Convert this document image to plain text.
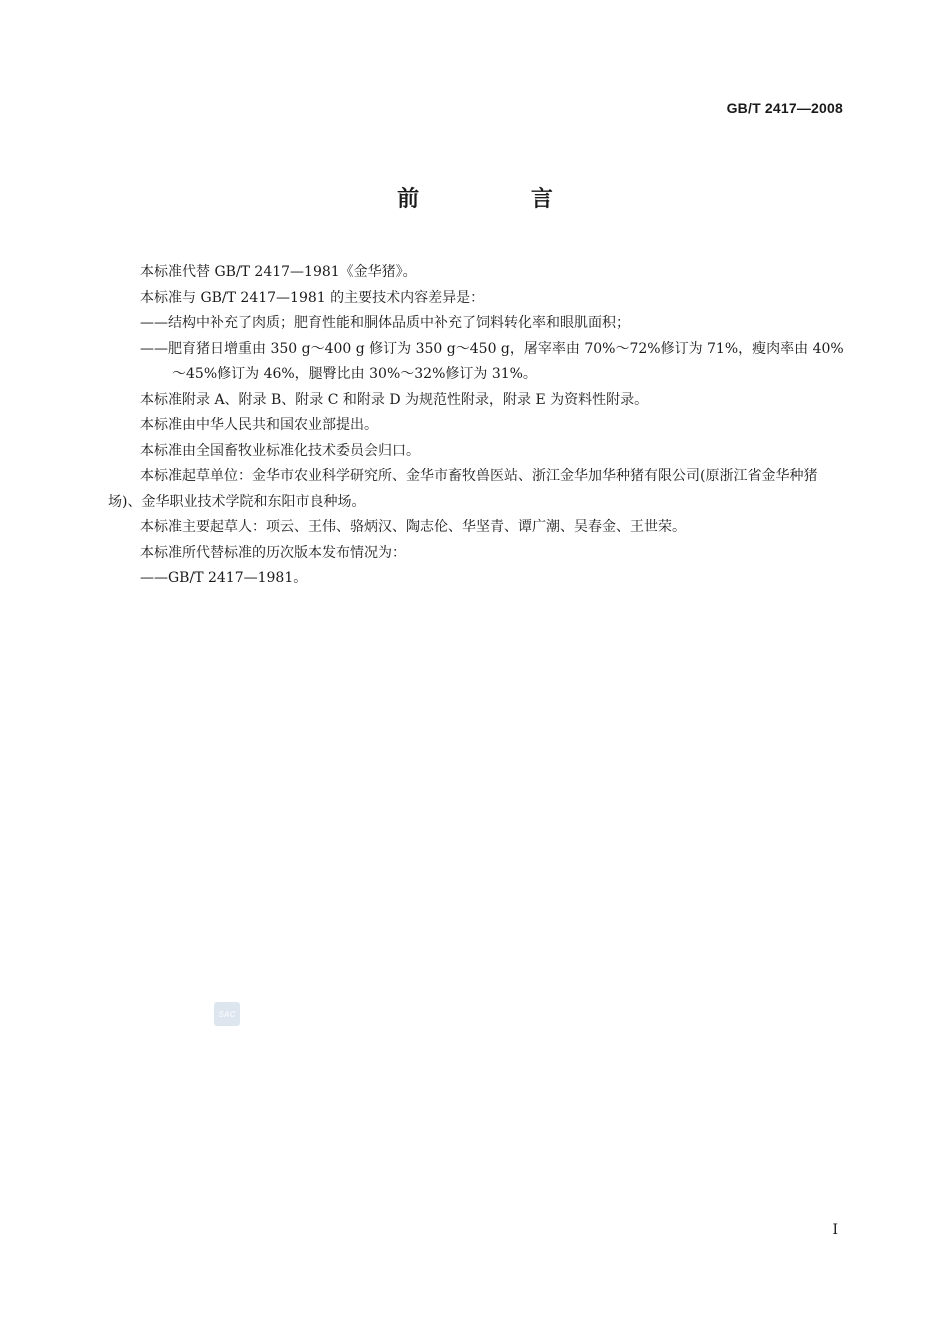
GB/T 2417—2008
前 言

本标准代替 GB/T 2417—1981《金华猪》。

本标准与 GB/T 2417—1981 的主要技术内容差异是：

——结构中补充了肉质；肥育性能和胴体品质中补充了饲料转化率和眼肌面积；

——肥育猪日增重由 350 g～400 g 修订为 350 g～450 g，屠宰率由 70%～72%修订为 71%，瘦肉率由 40%～45%修订为 46%，腿臀比由 30%～32%修订为 31%。

本标准附录 A、附录 B、附录 C 和附录 D 为规范性附录，附录 E 为资料性附录。

本标准由中华人民共和国农业部提出。

本标准由全国畜牧业标准化技术委员会归口。

本标准起草单位：金华市农业科学研究所、金华市畜牧兽医站、浙江金华加华种猪有限公司(原浙江省金华种猪场)、金华职业技术学院和东阳市良种场。

本标准主要起草人：项云、王伟、骆炳汉、陶志伦、华坚青、谭广潮、吴春金、王世荣。

本标准所代替标准的历次版本发布情况为：

——GB/T 2417—1981。

SAC
I
